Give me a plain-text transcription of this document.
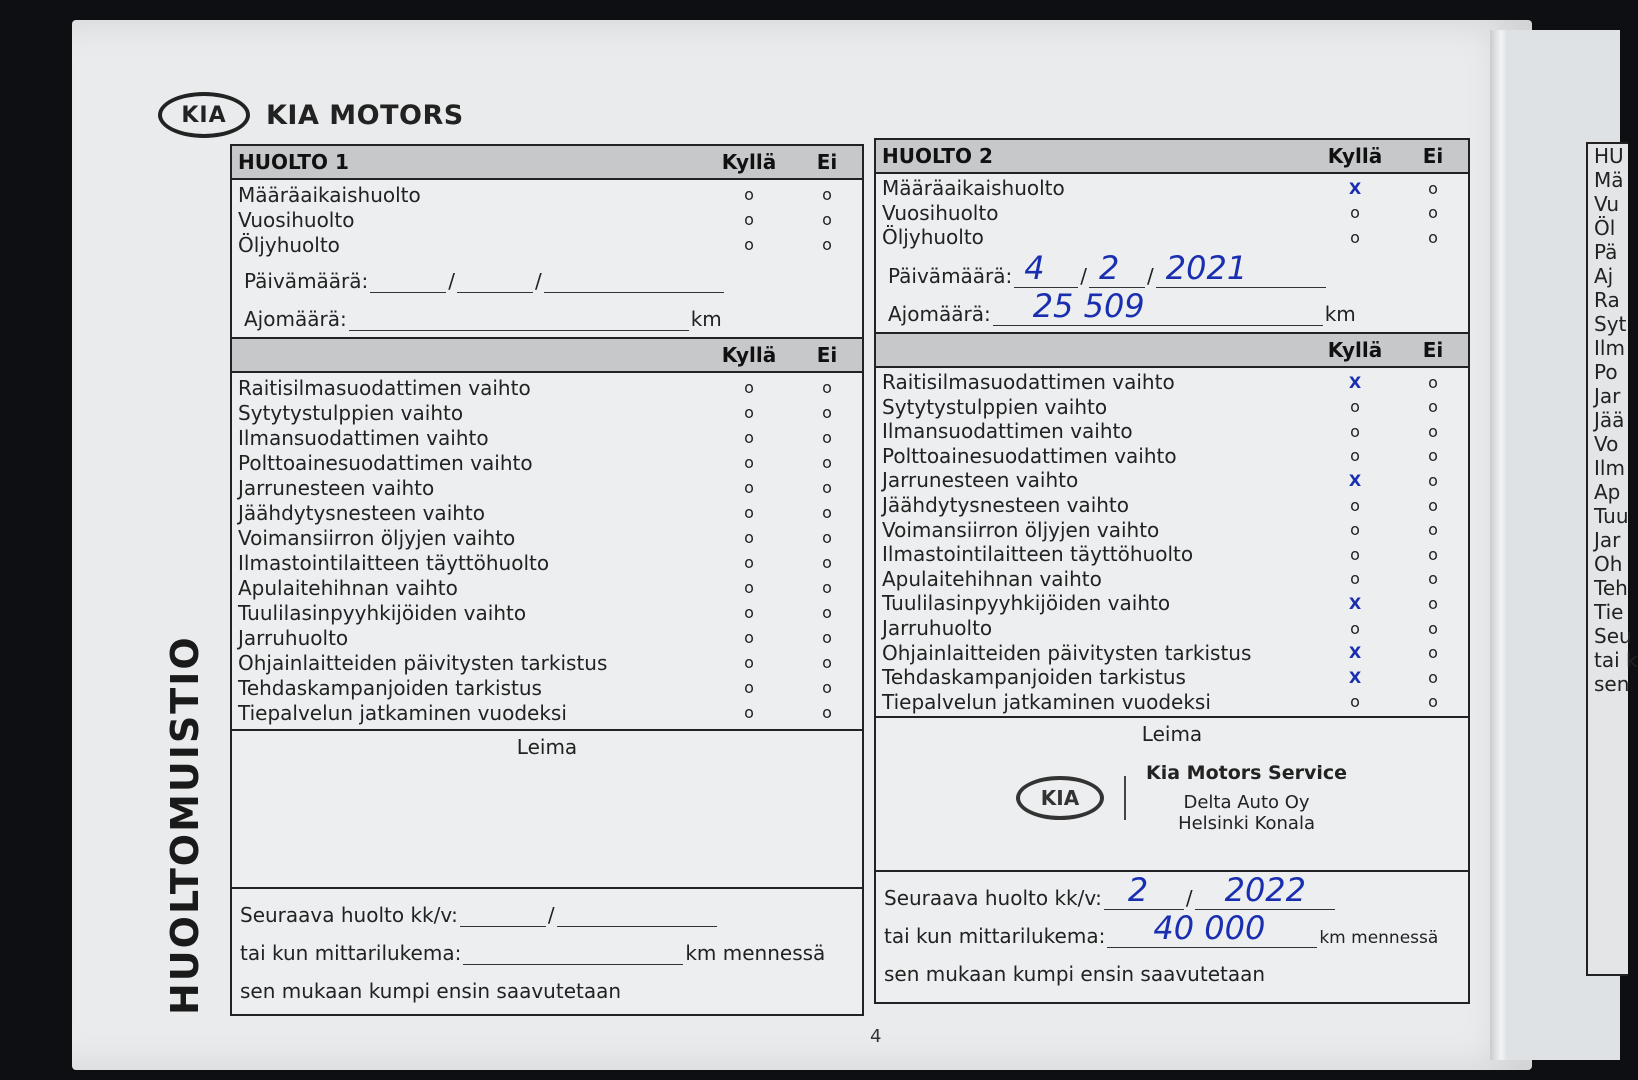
KIA	KIA MOTORS
HUOLTOMUISTIO
HUOLTO 1	Kyllä	Ei
Määräaikaishuolto	o	o
Vuosihuolto	o	o
Öljyhuolto	o	o
Päivämäärä:	/	/
Ajomäärä:	km
Kyllä	Ei
Raitisilmasuodattimen vaihto	o	o
Sytytystulppien vaihto	o	o
Ilmansuodattimen vaihto	o	o
Polttoainesuodattimen vaihto	o	o
Jarrunesteen vaihto	o	o
Jäähdytysnesteen vaihto	o	o
Voimansiirron öljyjen vaihto	o	o
Ilmastointilaitteen täyttöhuolto	o	o
Apulaitehihnan vaihto	o	o
Tuulilasinpyyhkijöiden vaihto	o	o
Jarruhuolto	o	o
Ohjainlaitteiden päivitysten tarkistus	o	o
Tehdaskampanjoiden tarkistus	o	o
Tiepalvelun jatkaminen vuodeksi	o	o
Leima
Seuraava huolto kk/v:	/
tai kun mittarilukema:	km mennessä
sen mukaan kumpi ensin saavutetaan
HUOLTO 2	Kyllä	Ei
Määräaikaishuolto	X	o
Vuosihuolto	o	o
Öljyhuolto	o	o
Päivämäärä: 4 / 2 / 2021
Ajomäärä: 25 509	km
Kyllä	Ei
Raitisilmasuodattimen vaihto	X	o
Sytytystulppien vaihto	o	o
Ilmansuodattimen vaihto	o	o
Polttoainesuodattimen vaihto	o	o
Jarrunesteen vaihto	X	o
Jäähdytysnesteen vaihto	o	o
Voimansiirron öljyjen vaihto	o	o
Ilmastointilaitteen täyttöhuolto	o	o
Apulaitehihnan vaihto	o	o
Tuulilasinpyyhkijöiden vaihto	X	o
Jarruhuolto	o	o
Ohjainlaitteiden päivitysten tarkistus	X	o
Tehdaskampanjoiden tarkistus	X	o
Tiepalvelun jatkaminen vuodeksi	o	o
Leima
KIA
Kia Motors Service
Delta Auto Oy
Helsinki Konala
Seuraava huolto kk/v: 2 / 2022
tai kun mittarilukema: 40 000	km mennessä
sen mukaan kumpi ensin saavutetaan
HU
Mä
Vu
Öl
Pä
Aj
Ra
Syt
Ilm
Po
Jar
Jää
Vo
Ilm
Ap
Tuu
Jar
Oh
Teh
Tie
Seu
tai k
sen
4
